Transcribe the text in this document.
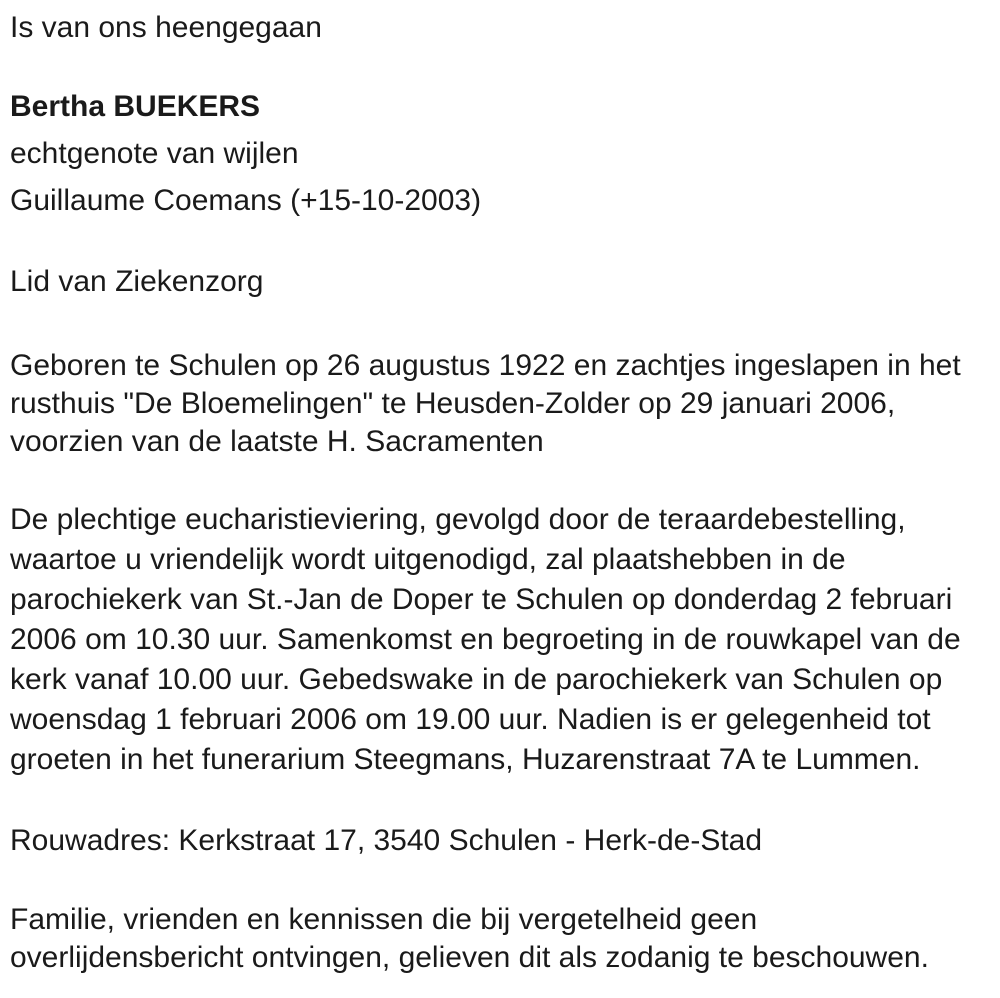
Is van ons heengegaan
Bertha BUEKERS
echtgenote van wijlen
Guillaume Coemans (+15-10-2003)
Lid van Ziekenzorg
Geboren te Schulen op 26 augustus 1922 en zachtjes ingeslapen in het
rusthuis "De Bloemelingen" te Heusden-Zolder op 29 januari 2006,
voorzien van de laatste H. Sacramenten
De plechtige eucharistieviering, gevolgd door de teraardebestelling,
waartoe u vriendelijk wordt uitgenodigd, zal plaatshebben in de
parochiekerk van St.-Jan de Doper te Schulen op donderdag 2 februari
2006 om 10.30 uur. Samenkomst en begroeting in de rouwkapel van de
kerk vanaf 10.00 uur. Gebedswake in de parochiekerk van Schulen op
woensdag 1 februari 2006 om 19.00 uur. Nadien is er gelegenheid tot
groeten in het funerarium Steegmans, Huzarenstraat 7A te Lummen.
Rouwadres: Kerkstraat 17, 3540 Schulen - Herk-de-Stad
Familie, vrienden en kennissen die bij vergetelheid geen
overlijdensbericht ontvingen, gelieven dit als zodanig te beschouwen.
